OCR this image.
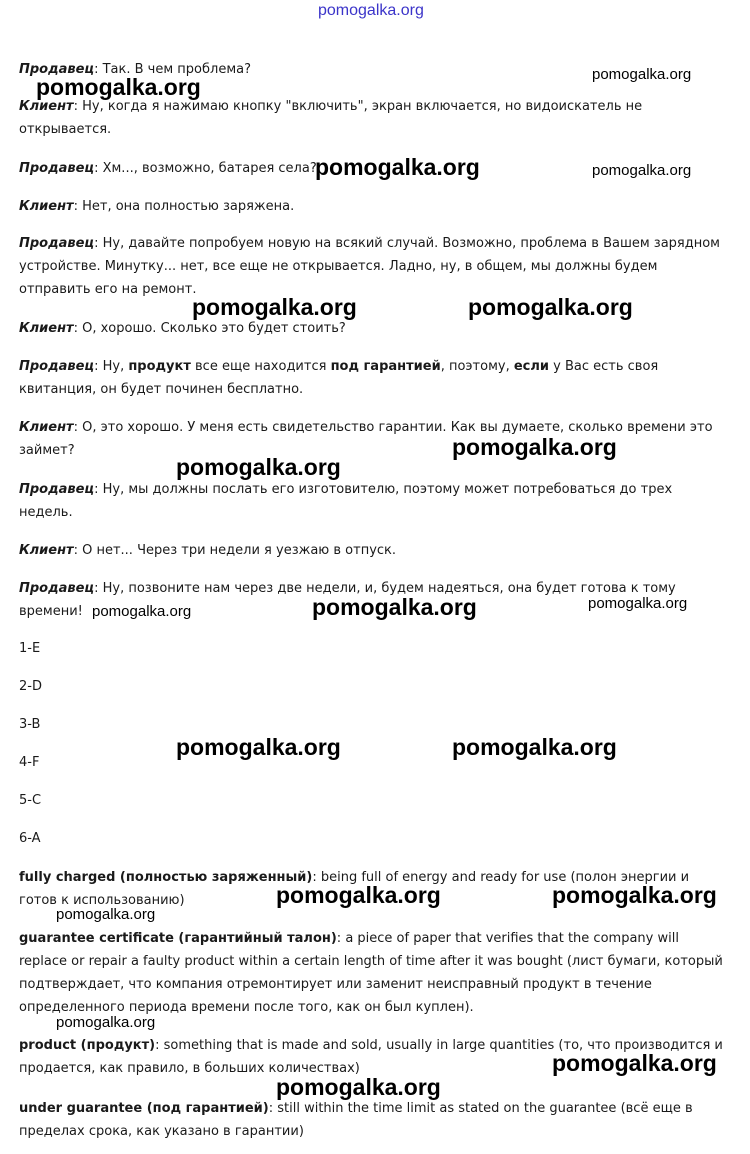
pomogalka.org

Продавец: Так. В чем проблема?

Клиент: Ну, когда я нажимаю кнопку "включить", экран включается, но видоискатель не открывается.

Продавец: Хм..., возможно, батарея села?

Клиент: Нет, она полностью заряжена.

Продавец: Ну, давайте попробуем новую на всякий случай. Возможно, проблема в Вашем зарядном устройстве. Минутку... нет, все еще не открывается. Ладно, ну, в общем, мы должны будем отправить его на ремонт.

Клиент: О, хорошо. Сколько это будет стоить?

Продавец: Ну, продукт все еще находится под гарантией, поэтому, если у Вас есть своя квитанция, он будет починен бесплатно.

Клиент: О, это хорошо. У меня есть свидетельство гарантии. Как вы думаете, сколько времени это займет?

Продавец: Ну, мы должны послать его изготовителю, поэтому может потребоваться до трех недель.

Клиент: О нет... Через три недели я уезжаю в отпуск.

Продавец: Ну, позвоните нам через две недели, и, будем надеяться, она будет готова к тому времени!

1-E
2-D
3-B
4-F
5-C
6-A

fully charged (полностью заряженный): being full of energy and ready for use (полон энергии и готов к использованию)

guarantee certificate (гарантийный талон): a piece of paper that verifies that the company will replace or repair a faulty product within a certain length of time after it was bought (лист бумаги, который подтверждает, что компания отремонтирует или заменит неисправный продукт в течение определенного периода времени после того, как он был куплен).

product (продукт): something that is made and sold, usually in large quantities (то, что производится и продается, как правило, в больших количествах)

under guarantee (под гарантией): still within the time limit as stated on the guarantee (всё еще в пределах срока, как указано в гарантии)

pomogalka.org	pomogalka.org
pomogalka.org	pomogalka.org
pomogalka.org	pomogalka.org
pomogalka.org
pomogalka.org
pomogalka.org	pomogalka.org	pomogalka.org
pomogalka.org	pomogalka.org
pomogalka.org	pomogalka.org
pomogalka.org
pomogalka.org
pomogalka.org
pomogalka.org
